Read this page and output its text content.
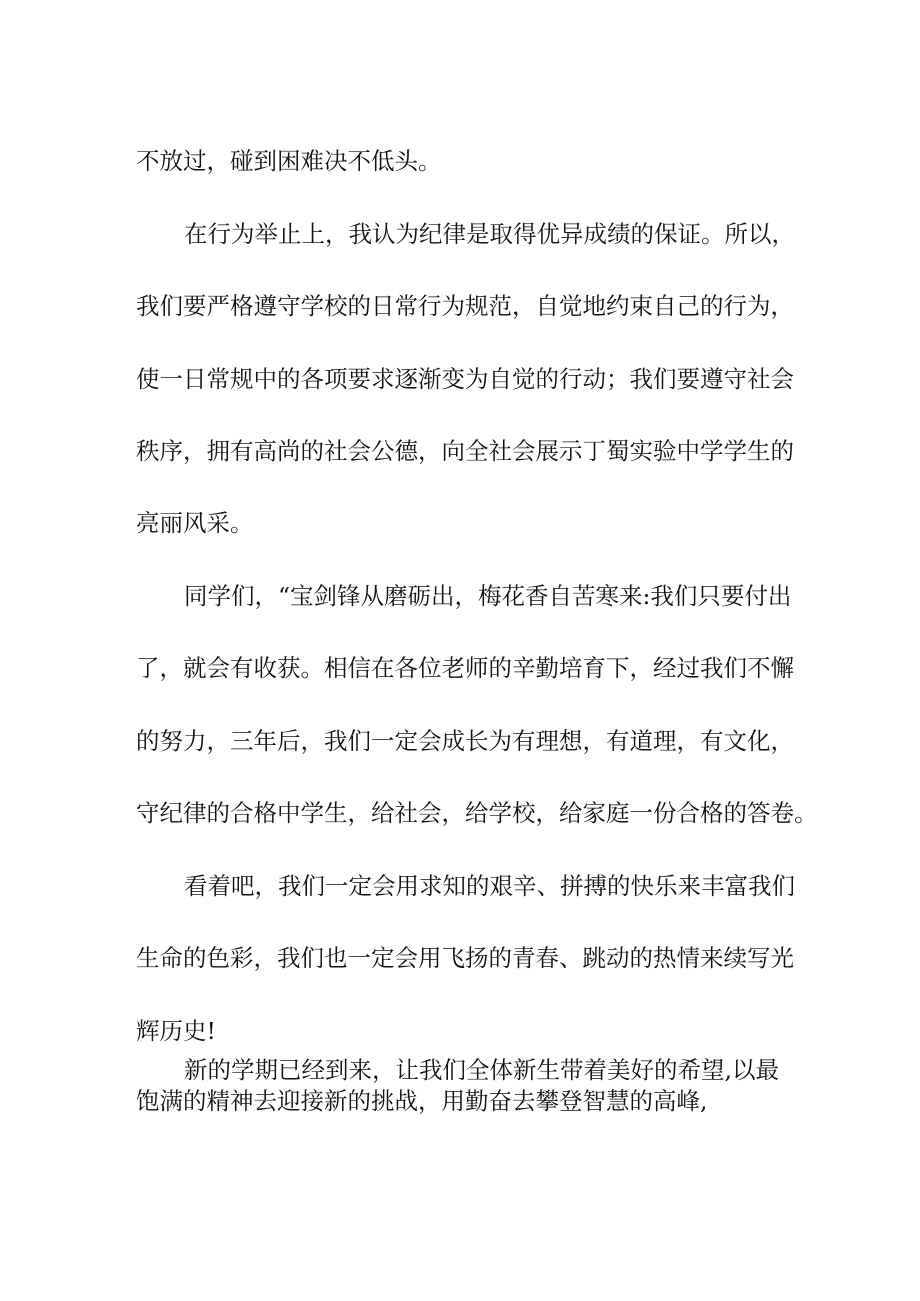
不放过，碰到困难决不低头。

在行为举止上，我认为纪律是取得优异成绩的保证。所以，

我们要严格遵守学校的日常行为规范，自觉地约束自己的行为，

使一日常规中的各项要求逐渐变为自觉的行动；我们要遵守社会

秩序，拥有高尚的社会公德，向全社会展示丁蜀实验中学学生的

亮丽风采。

同学们，“宝剑锋从磨砺出，梅花香自苦寒来:我们只要付出

了，就会有收获。相信在各位老师的辛勤培育下，经过我们不懈

的努力，三年后，我们一定会成长为有理想，有道理，有文化，

守纪律的合格中学生，给社会，给学校，给家庭一份合格的答卷。

看着吧，我们一定会用求知的艰辛、拼搏的快乐来丰富我们

生命的色彩，我们也一定会用飞扬的青春、跳动的热情来续写光

辉历史!

新的学期已经到来，让我们全体新生带着美好的希望,以最

饱满的精神去迎接新的挑战，用勤奋去攀登智慧的高峰,
